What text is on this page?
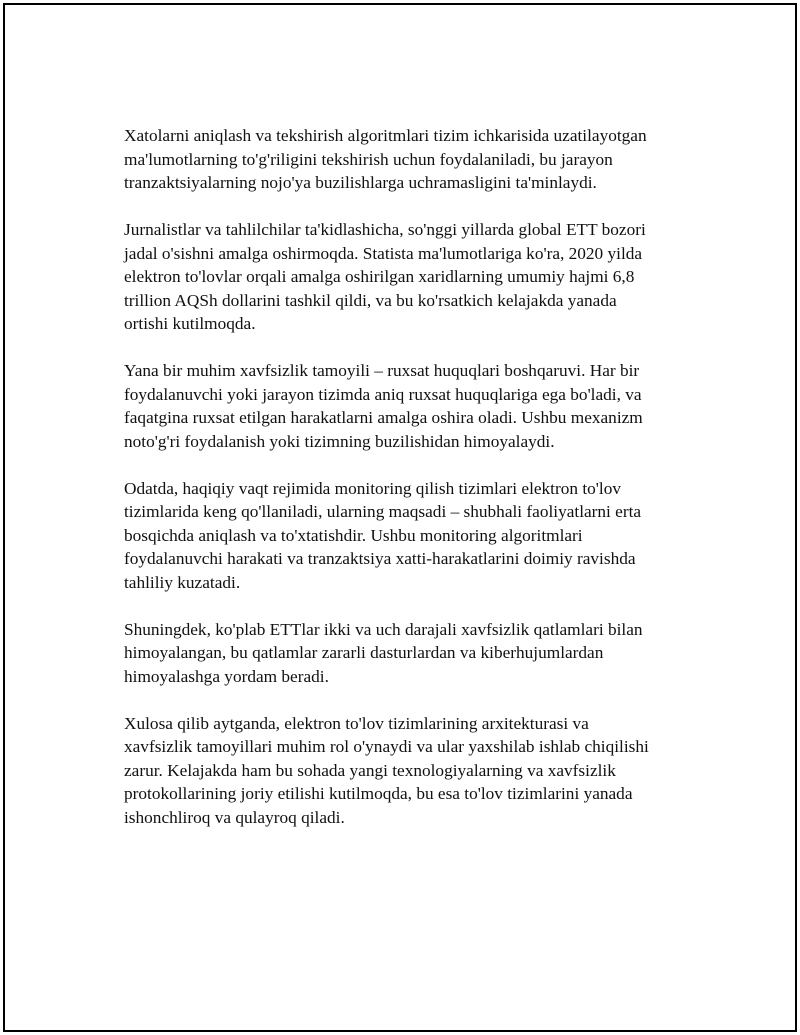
Xatolarni aniqlash va tekshirish algoritmlari tizim ichkarisida uzatilayotgan
ma'lumotlarning to'g'riligini tekshirish uchun foydalaniladi, bu jarayon
tranzaktsiyalarning nojo'ya buzilishlarga uchramasligini ta'minlaydi.

Jurnalistlar va tahlilchilar ta'kidlashicha, so'nggi yillarda global ETT bozori
jadal o'sishni amalga oshirmoqda. Statista ma'lumotlariga ko'ra, 2020 yilda
elektron to'lovlar orqali amalga oshirilgan xaridlarning umumiy hajmi 6,8
trillion AQSh dollarini tashkil qildi, va bu ko'rsatkich kelajakda yanada
ortishi kutilmoqda.

Yana bir muhim xavfsizlik tamoyili – ruxsat huquqlari boshqaruvi. Har bir
foydalanuvchi yoki jarayon tizimda aniq ruxsat huquqlariga ega bo'ladi, va
faqatgina ruxsat etilgan harakatlarni amalga oshira oladi. Ushbu mexanizm
noto'g'ri foydalanish yoki tizimning buzilishidan himoyalaydi.

Odatda, haqiqiy vaqt rejimida monitoring qilish tizimlari elektron to'lov
tizimlarida keng qo'llaniladi, ularning maqsadi – shubhali faoliyatlarni erta
bosqichda aniqlash va to'xtatishdir. Ushbu monitoring algoritmlari
foydalanuvchi harakati va tranzaktsiya xatti-harakatlarini doimiy ravishda
tahliliy kuzatadi.

Shuningdek, ko'plab ETTlar ikki va uch darajali xavfsizlik qatlamlari bilan
himoyalangan, bu qatlamlar zararli dasturlardan va kiberhujumlardan
himoyalashga yordam beradi.

Xulosa qilib aytganda, elektron to'lov tizimlarining arxitekturasi va
xavfsizlik tamoyillari muhim rol o'ynaydi va ular yaxshilab ishlab chiqilishi
zarur. Kelajakda ham bu sohada yangi texnologiyalarning va xavfsizlik
protokollarining joriy etilishi kutilmoqda, bu esa to'lov tizimlarini yanada
ishonchliroq va qulayroq qiladi.
